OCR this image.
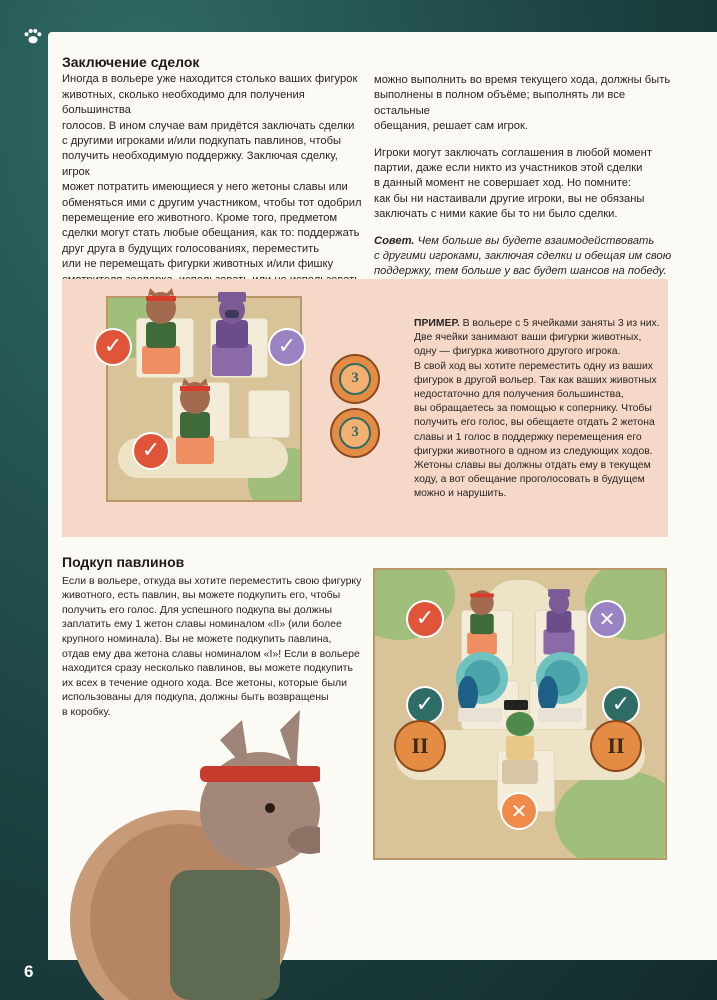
Заключение сделок

Иногда в вольере уже находится столько ваших фигурок

животных, сколько необходимо для получения большинства

голосов. В ином случае вам придётся заключать сделки

с другими игроками и/или подкупать павлинов, чтобы

получить необходимую поддержку. Заключая сделку, игрок

может потратить имеющиеся у него жетоны славы или

обменяться ими с другим участником, чтобы тот одобрил

перемещение его животного. Кроме того, предметом

сделки могут стать любые обещания, как то: поддержать

друг друга в будущих голосованиях, переместить

или не перемещать фигурки животных и/или фишку

можно выполнить во время текущего хода, должны быть

выполнены в полном объёме; выполнять ли все остальные

обещания, решает сам игрок.

Игроки могут заключать соглашения в любой момент

партии, даже если никто из участников этой сделки

в данный момент не совершает ход. Но помните:

как бы ни настаивали другие игроки, вы не обязаны

заключать с ними какие бы то ни было сделки.

Совет. Чем больше вы будете взаимодействовать

с другими игроками, заключая сделки и обещая им свою

поддержку, тем больше у вас будет шансов на победу.

✓	✓
✓
3
3

ПРИМЕР. В вольере с 5 ячейками заняты 3 из них.

Две ячейки занимают ваши фигурки животных,

одну — фигурка животного другого игрока.

В свой ход вы хотите переместить одну из ваших

фигурок в другой вольер. Так как ваших животных

недостаточно для получения большинства,

вы обращаетесь за помощью к сопернику. Чтобы

получить его голос, вы обещаете отдать 2 жетона

славы и 1 голос в поддержку перемещения его

фигурки животного в одном из следующих ходов.

Жетоны славы вы должны отдать ему в текущем

ходу, а вот обещание проголосовать в будущем

можно и нарушить.

Подкуп павлинов

Если в вольере, откуда вы хотите переместить свою фигурку

животного, есть павлин, вы можете подкупить его, чтобы

получить его голос. Для успешного подкупа вы должны

заплатить ему 1 жетон славы номиналом «II» (или более

крупного номинала). Вы не можете подкупить павлина,

отдав ему два жетона славы номиналом «I»! Если в вольере

находится сразу несколько павлинов, вы можете подкупить

их всех в течение одного хода. Все жетоны, которые были

использованы для подкупа, должны быть возвращены

в коробку.

✓	✕
✓	✓
✕
II	II
6
